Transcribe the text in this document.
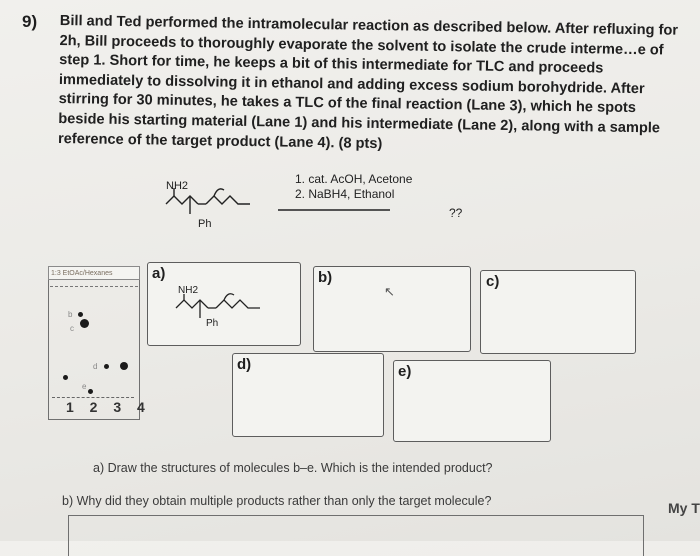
9) Bill and Ted performed the intramolecular reaction as described below. After refluxing for 2h, Bill proceeds to thoroughly evaporate the solvent to isolate the crude interme…e of step 1. Short for time, he keeps a bit of this intermediate for TLC and proceeds immediately to dissolving it in ethanol and adding excess sodium borohydride. After stirring for 30 minutes, he takes a TLC of the final reaction (Lane 3), which he spots beside his starting material (Lane 1) and his intermediate (Lane 2), along with a sample reference of the target product (Lane 4). (8 pts)
NH2
Ph
1. cat. AcOH, Acetone
2. NaBH4, Ethanol
??
1:3 EtOAc/Hexanes
b
c
d
e
1 2 3 4
a)
NH2
Ph
b)
↖
c)
d)	e)
a) Draw the structures of molecules b–e. Which is the intended product?
b) Why did they obtain multiple products rather than only the target molecule?	My T
